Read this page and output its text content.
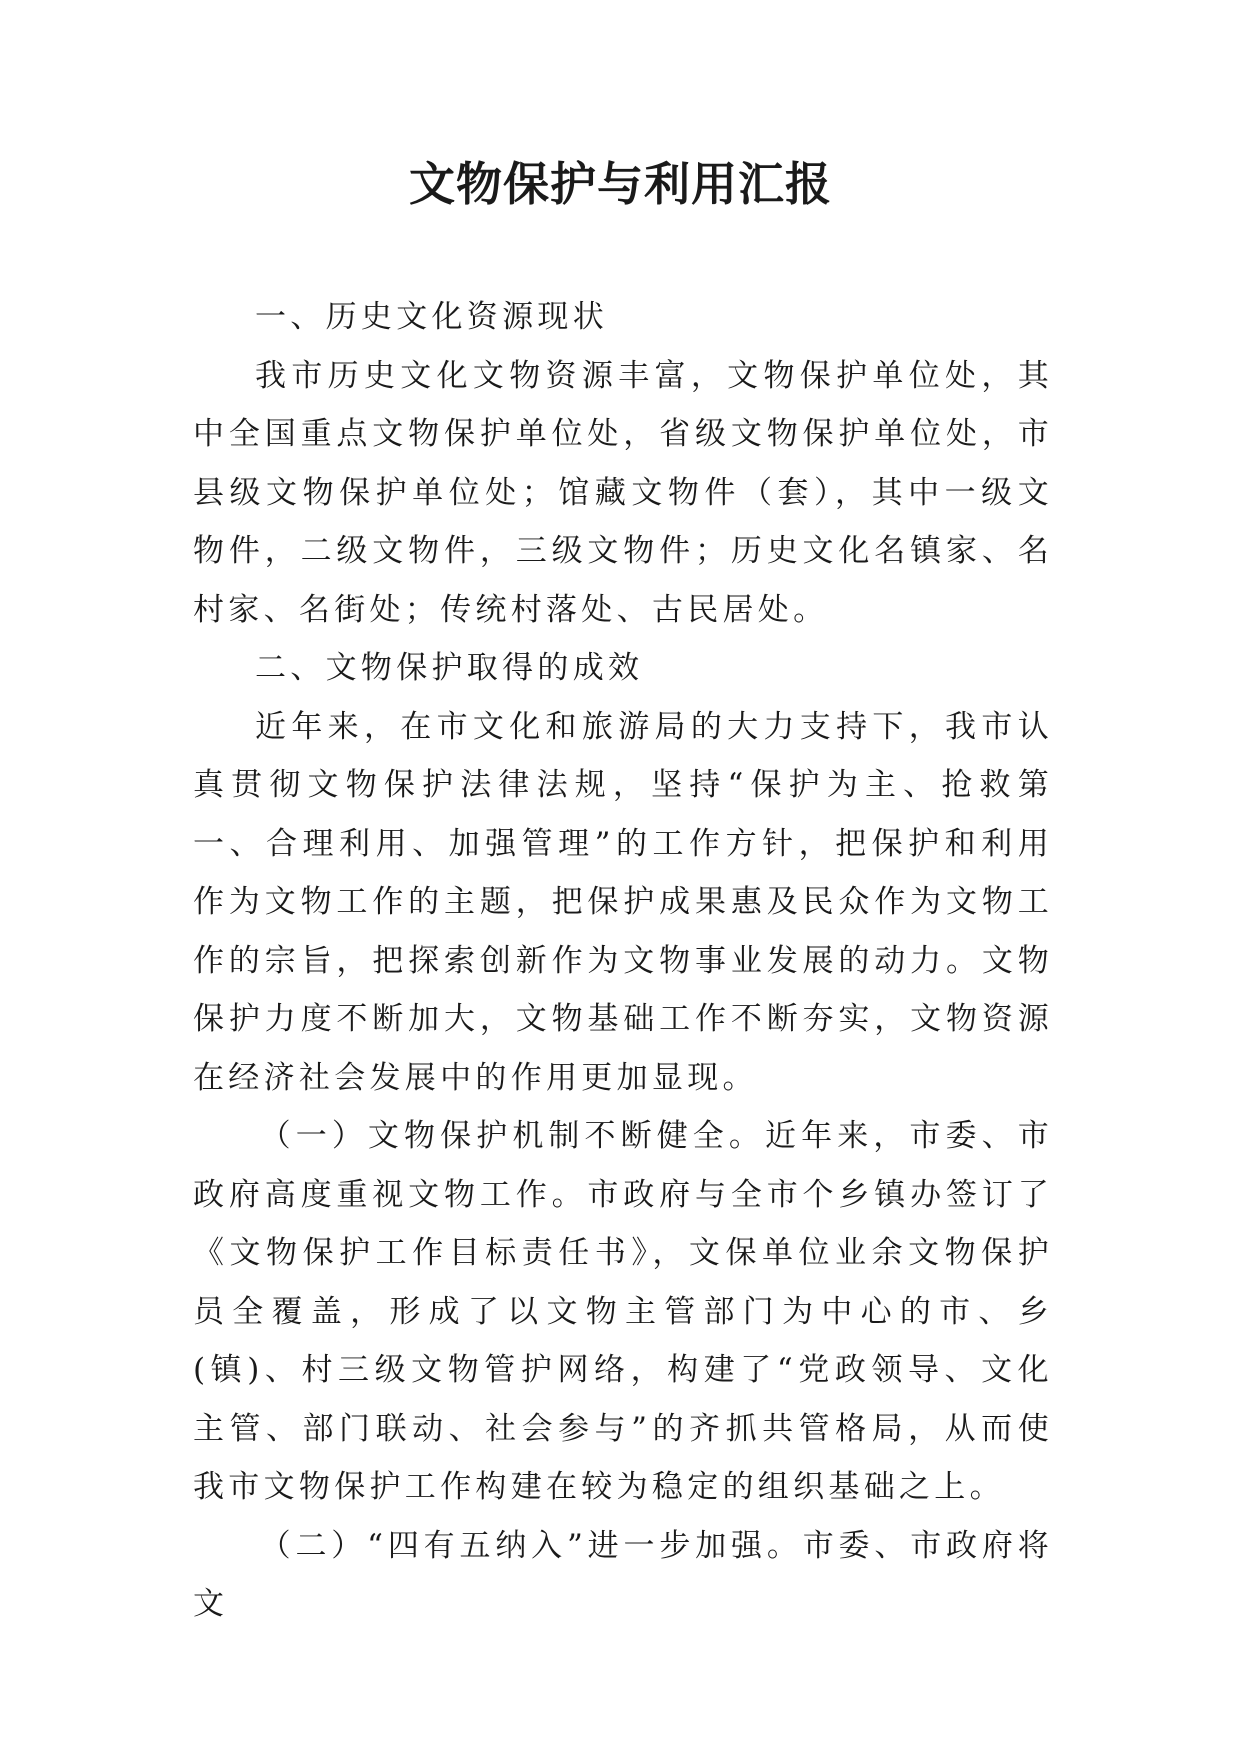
文物保护与利用汇报

一、历史文化资源现状

我市历史文化文物资源丰富，文物保护单位处，其中全国重点文物保护单位处，省级文物保护单位处，市县级文物保护单位处；馆藏文物件（套），其中一级文物件，二级文物件，三级文物件；历史文化名镇家、名村家、名街处；传统村落处、古民居处。

二、文物保护取得的成效

近年来，在市文化和旅游局的大力支持下，我市认真贯彻文物保护法律法规，坚持“保护为主、抢救第一、合理利用、加强管理”的工作方针，把保护和利用作为文物工作的主题，把保护成果惠及民众作为文物工作的宗旨，把探索创新作为文物事业发展的动力。文物保护力度不断加大，文物基础工作不断夯实，文物资源在经济社会发展中的作用更加显现。

（一）文物保护机制不断健全。近年来，市委、市政府高度重视文物工作。市政府与全市个乡镇办签订了《文物保护工作目标责任书》，文保单位业余文物保护员全覆盖，形成了以文物主管部门为中心的市、乡(镇)、村三级文物管护网络，构建了“党政领导、文化主管、部门联动、社会参与”的齐抓共管格局，从而使我市文物保护工作构建在较为稳定的组织基础之上。

（二）“四有五纳入”进一步加强。市委、市政府将文
